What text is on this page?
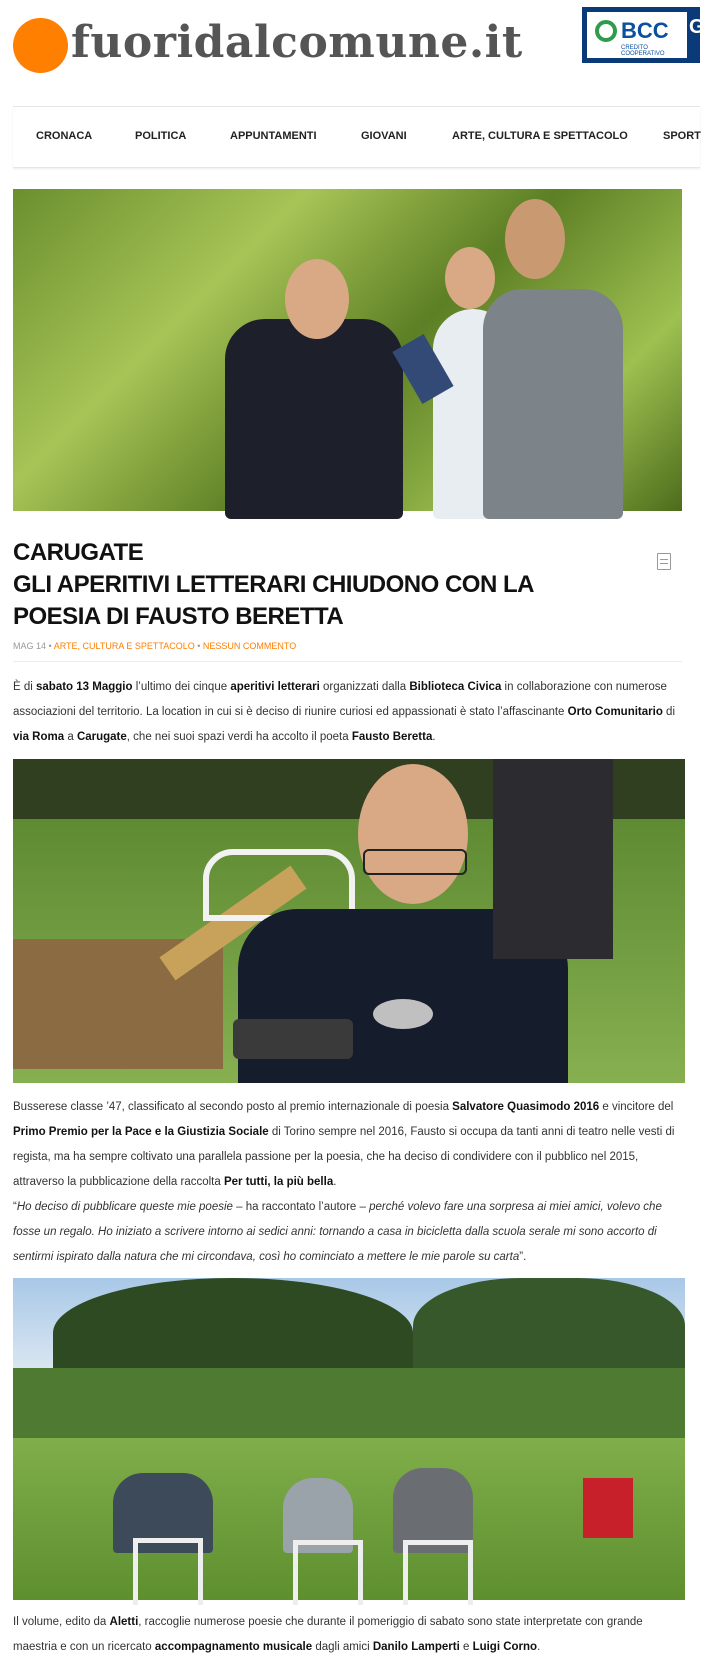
fuoridalcomune.it	BCC
CREDITO COOPERATIVO
G
CRONACA	POLITICA	APPUNTAMENTI	GIOVANI	ARTE, CULTURA E SPETTACOLO	SPORT
CARUGATE
GLI APERITIVI LETTERARI CHIUDONO CON LA
POESIA DI FAUSTO BERETTA
MAG 14 • ARTE, CULTURA E SPETTACOLO • NESSUN COMMENTO
È di sabato 13 Maggio l’ultimo dei cinque aperitivi letterari organizzati dalla Biblioteca Civica in collaborazione con numerose associazioni del territorio. La location in cui si è deciso di riunire curiosi ed appassionati è stato l’affascinante Orto Comunitario di via Roma a Carugate, che nei suoi spazi verdi ha accolto il poeta Fausto Beretta.
Busserese classe ’47, classificato al secondo posto al premio internazionale di poesia Salvatore Quasimodo 2016 e vincitore del Primo Premio per la Pace e la Giustizia Sociale di Torino sempre nel 2016, Fausto si occupa da tanti anni di teatro nelle vesti di regista, ma ha sempre coltivato una parallela passione per la poesia, che ha deciso di condividere con il pubblico nel 2015, attraverso la pubblicazione della raccolta Per tutti, la più bella.
“Ho deciso di pubblicare queste mie poesie – ha raccontato l’autore – perché volevo fare una sorpresa ai miei amici, volevo che fosse un regalo. Ho iniziato a scrivere intorno ai sedici anni: tornando a casa in bicicletta dalla scuola serale mi sono accorto di sentirmi ispirato dalla natura che mi circondava, così ho cominciato a mettere le mie parole su carta”.
Il volume, edito da Aletti, raccoglie numerose poesie che durante il pomeriggio di sabato sono state interpretate con grande maestria e con un ricercato accompagnamento musicale dagli amici Danilo Lamperti e Luigi Corno.
